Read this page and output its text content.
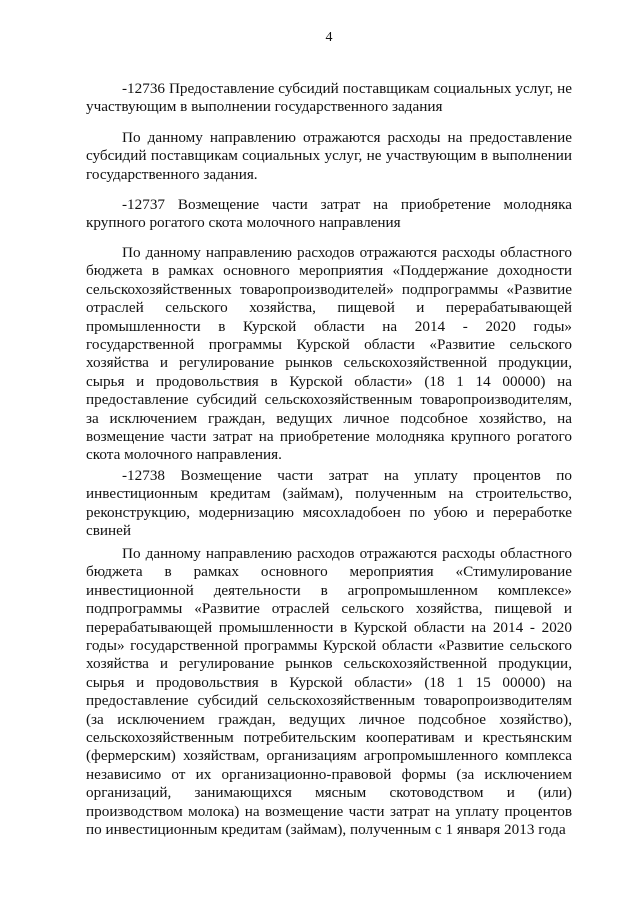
4

-12736 Предоставление субсидий поставщикам социальных услуг, не участвующим в выполнении государственного задания

По данному направлению отражаются расходы на предоставление субсидий поставщикам социальных услуг, не участвующим в выполнении государственного задания.

-12737 Возмещение части затрат на приобретение молодняка крупного рогатого скота молочного направления

По данному направлению расходов отражаются расходы областного бюджета в рамках основного мероприятия «Поддержание доходности сельскохозяйственных товаропроизводителей» подпрограммы «Развитие отраслей сельского хозяйства, пищевой и перерабатывающей промышленности в Курской области на 2014 - 2020 годы» государственной программы Курской области «Развитие сельского хозяйства и регулирование рынков сельскохозяйственной продукции, сырья и продовольствия в Курской области» (18 1 14 00000) на предоставление субсидий сельскохозяйственным товаропроизводителям, за исключением граждан, ведущих личное подсобное хозяйство, на возмещение части затрат на приобретение молодняка крупного рогатого скота молочного направления.

-12738 Возмещение части затрат на уплату процентов по инвестиционным кредитам (займам), полученным на строительство, реконструкцию, модернизацию мясохладобоен по убою и переработке свиней

По данному направлению расходов отражаются расходы областного бюджета в рамках основного мероприятия «Стимулирование инвестиционной деятельности в агропромышленном комплексе» подпрограммы «Развитие отраслей сельского хозяйства, пищевой и перерабатывающей промышленности в Курской области на 2014 - 2020 годы» государственной программы Курской области «Развитие сельского хозяйства и регулирование рынков сельскохозяйственной продукции, сырья и продовольствия в Курской области» (18 1 15 00000) на предоставление субсидий сельскохозяйственным товаропроизводителям (за исключением граждан, ведущих личное подсобное хозяйство), сельскохозяйственным потребительским кооперативам и крестьянским (фермерским) хозяйствам, организациям агропромышленного комплекса независимо от их организационно-правовой формы (за исключением организаций, занимающихся мясным скотоводством и (или) производством молока) на возмещение части затрат на уплату процентов по инвестиционным кредитам (займам), полученным с 1 января 2013 года
